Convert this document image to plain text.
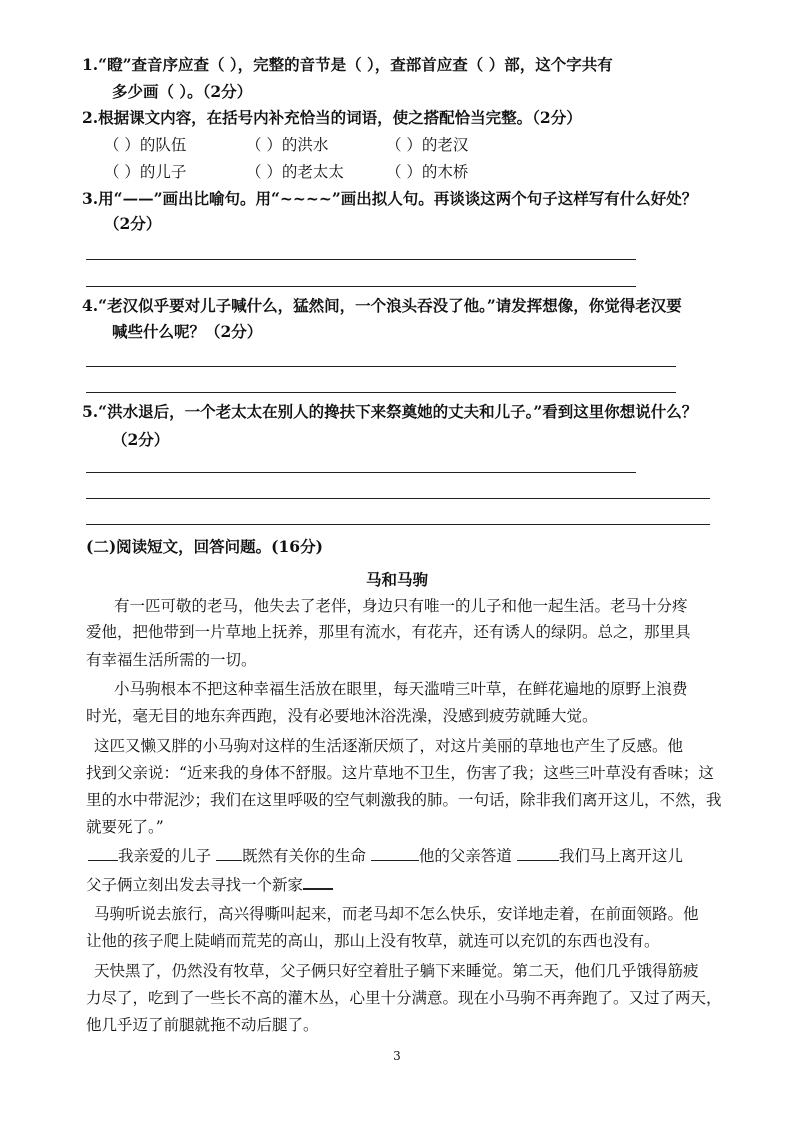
1.“瞪”查音序应查（ ），完整的音节是（ ），查部首应查（ ）部，这个字共有
多少画（ ）。（2分）
2.根据课文内容，在括号内补充恰当的词语，使之搭配恰当完整。（2分）
（ ）的队伍	（ ）的洪水	（ ）的老汉
（ ）的儿子	（ ）的老太太	（ ）的木桥
3.用“——”画出比喻句。用“~~~~”画出拟人句。再谈谈这两个句子这样写有什么好处？
（2分）
4.“老汉似乎要对儿子喊什么，猛然间，一个浪头吞没了他。”请发挥想像，你觉得老汉要
喊些什么呢？（2分）
5.“洪水退后，一个老太太在别人的搀扶下来祭奠她的丈夫和儿子。”看到这里你想说什么？
（2分）
(二)阅读短文，回答问题。(16分)
马和马驹
有一匹可敬的老马，他失去了老伴，身边只有唯一的儿子和他一起生活。老马十分疼
爱他，把他带到一片草地上抚养，那里有流水，有花卉，还有诱人的绿阴。总之，那里具
有幸福生活所需的一切。
小马驹根本不把这种幸福生活放在眼里，每天滥啃三叶草，在鲜花遍地的原野上浪费
时光，毫无目的地东奔西跑，没有必要地沐浴洗澡，没感到疲劳就睡大觉。
这匹又懒又胖的小马驹对这样的生活逐渐厌烦了，对这片美丽的草地也产生了反感。他
找到父亲说：“近来我的身体不舒服。这片草地不卫生，伤害了我；这些三叶草没有香味；这
里的水中带泥沙；我们在这里呼吸的空气刺激我的肺。一句话，除非我们离开这儿，不然，我
就要死了。”
我亲爱的儿子 既然有关你的生命	他的父亲答道	我们马上离开这儿
父子俩立刻出发去寻找一个新家
马驹听说去旅行，高兴得嘶叫起来，而老马却不怎么快乐，安详地走着，在前面领路。他
让他的孩子爬上陡峭而荒芜的高山，那山上没有牧草，就连可以充饥的东西也没有。
天快黑了，仍然没有牧草，父子俩只好空着肚子躺下来睡觉。第二天，他们几乎饿得筋疲
力尽了，吃到了一些长不高的灌木丛，心里十分满意。现在小马驹不再奔跑了。又过了两天，
他几乎迈了前腿就拖不动后腿了。
3
